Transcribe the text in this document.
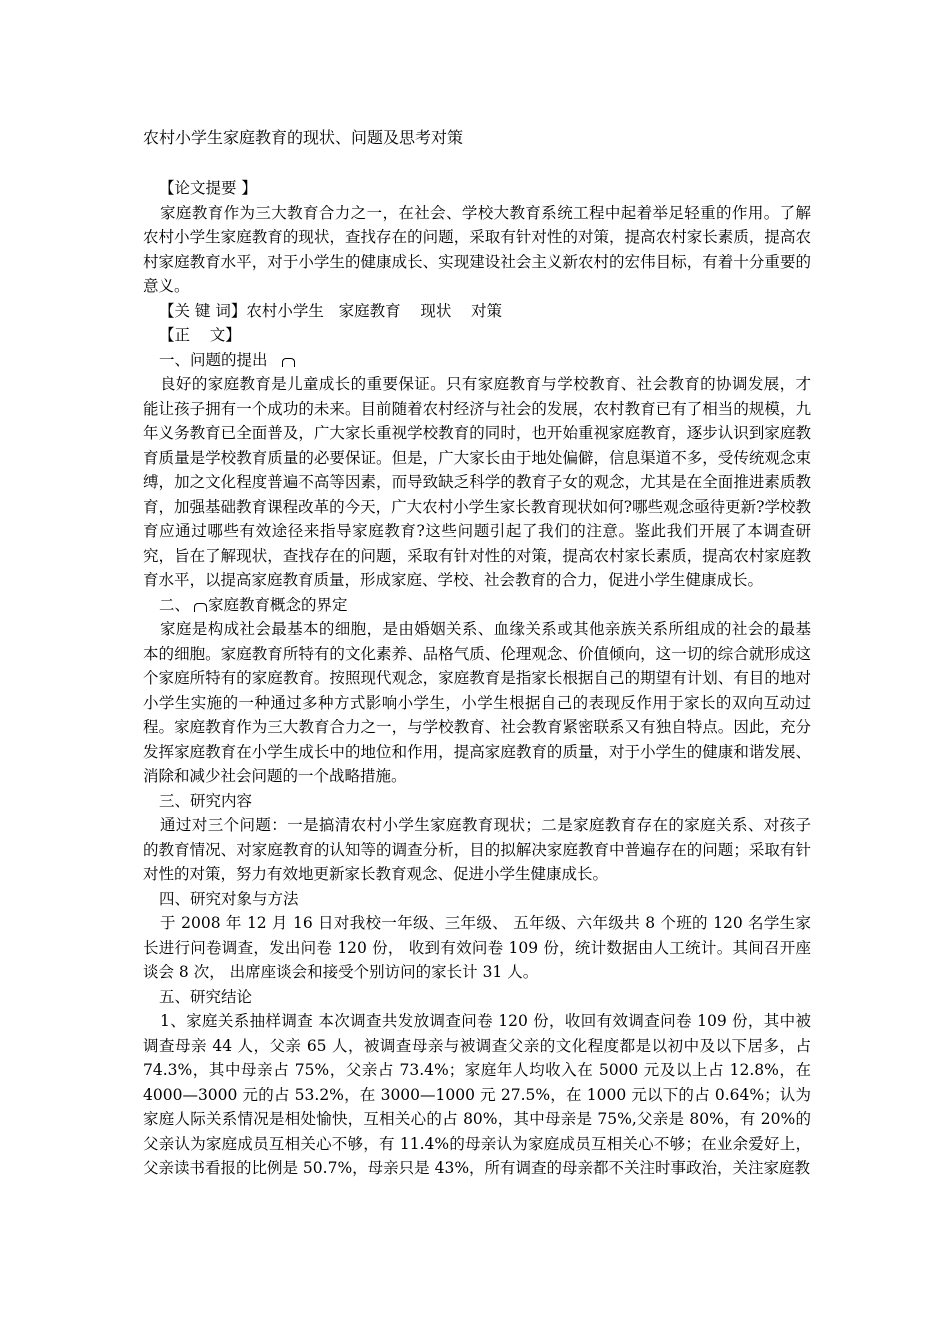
农村小学生家庭教育的现状、问题及思考对策

【论文提要 】

家庭教育作为三大教育合力之一，在社会、学校大教育系统工程中起着举足轻重的作用。了解农村小学生家庭教育的现状，查找存在的问题，采取有针对性的对策，提高农村家长素质，提高农村家庭教育水平，对于小学生的健康成长、实现建设社会主义新农村的宏伟目标，有着十分重要的意义。

【关 键 词】农村小学生   家庭教育    现状    对策

【正    文】

一、问题的提出

良好的家庭教育是儿童成长的重要保证。只有家庭教育与学校教育、社会教育的协调发展，才能让孩子拥有一个成功的未来。目前随着农村经济与社会的发展，农村教育已有了相当的规模，九年义务教育已全面普及，广大家长重视学校教育的同时，也开始重视家庭教育，逐步认识到家庭教育质量是学校教育质量的必要保证。但是，广大家长由于地处偏僻，信息渠道不多，受传统观念束缚，加之文化程度普遍不高等因素，而导致缺乏科学的教育子女的观念，尤其是在全面推进素质教育，加强基础教育课程改革的今天，广大农村小学生家长教育现状如何?哪些观念亟待更新?学校教育应通过哪些有效途径来指导家庭教育?这些问题引起了我们的注意。鉴此我们开展了本调查研究，旨在了解现状，查找存在的问题，采取有针对性的对策，提高农村家长素质，提高农村家庭教育水平，以提高家庭教育质量，形成家庭、学校、社会教育的合力，促进小学生健康成长。

二、 家庭教育概念的界定

家庭是构成社会最基本的细胞，是由婚姻关系、血缘关系或其他亲族关系所组成的社会的最基本的细胞。家庭教育所特有的文化素养、品格气质、伦理观念、价值倾向，这一切的综合就形成这个家庭所特有的家庭教育。按照现代观念，家庭教育是指家长根据自己的期望有计划、有目的地对小学生实施的一种通过多种方式影响小学生，小学生根据自己的表现反作用于家长的双向互动过程。家庭教育作为三大教育合力之一，与学校教育、社会教育紧密联系又有独自特点。因此，充分发挥家庭教育在小学生成长中的地位和作用，提高家庭教育的质量，对于小学生的健康和谐发展、消除和减少社会问题的一个战略措施。

三、研究内容

通过对三个问题：一是搞清农村小学生家庭教育现状；二是家庭教育存在的家庭关系、对孩子的教育情况、对家庭教育的认知等的调查分析，目的拟解决家庭教育中普遍存在的问题；采取有针对性的对策，努力有效地更新家长教育观念、促进小学生健康成长。

四、研究对象与方法

于 2008 年 12 月 16 日对我校一年级、三年级、 五年级、六年级共 8 个班的 120 名学生家长进行问卷调查，发出问卷 120 份， 收到有效问卷 109 份，统计数据由人工统计。其间召开座谈会 8 次， 出席座谈会和接受个别访问的家长计 31 人。

五、研究结论

1、家庭关系抽样调查 本次调查共发放调查问卷 120 份，收回有效调查问卷 109 份，其中被调查母亲 44 人，父亲 65 人，被调查母亲与被调查父亲的文化程度都是以初中及以下居多，占 74.3%，其中母亲占 75%，父亲占 73.4%；家庭年人均收入在 5000 元及以上占 12.8%，在 4000—3000 元的占 53.2%，在 3000—1000 元 27.5%，在 1000 元以下的占 0.64%；认为家庭人际关系情况是相处愉快，互相关心的占 80%，其中母亲是 75%,父亲是 80%，有 20%的父亲认为家庭成员互相关心不够，有 11.4%的母亲认为家庭成员互相关心不够；在业余爱好上，父亲读书看报的比例是 50.7%，母亲只是 43%，所有调查的母亲都不关注时事政治，关注家庭教
